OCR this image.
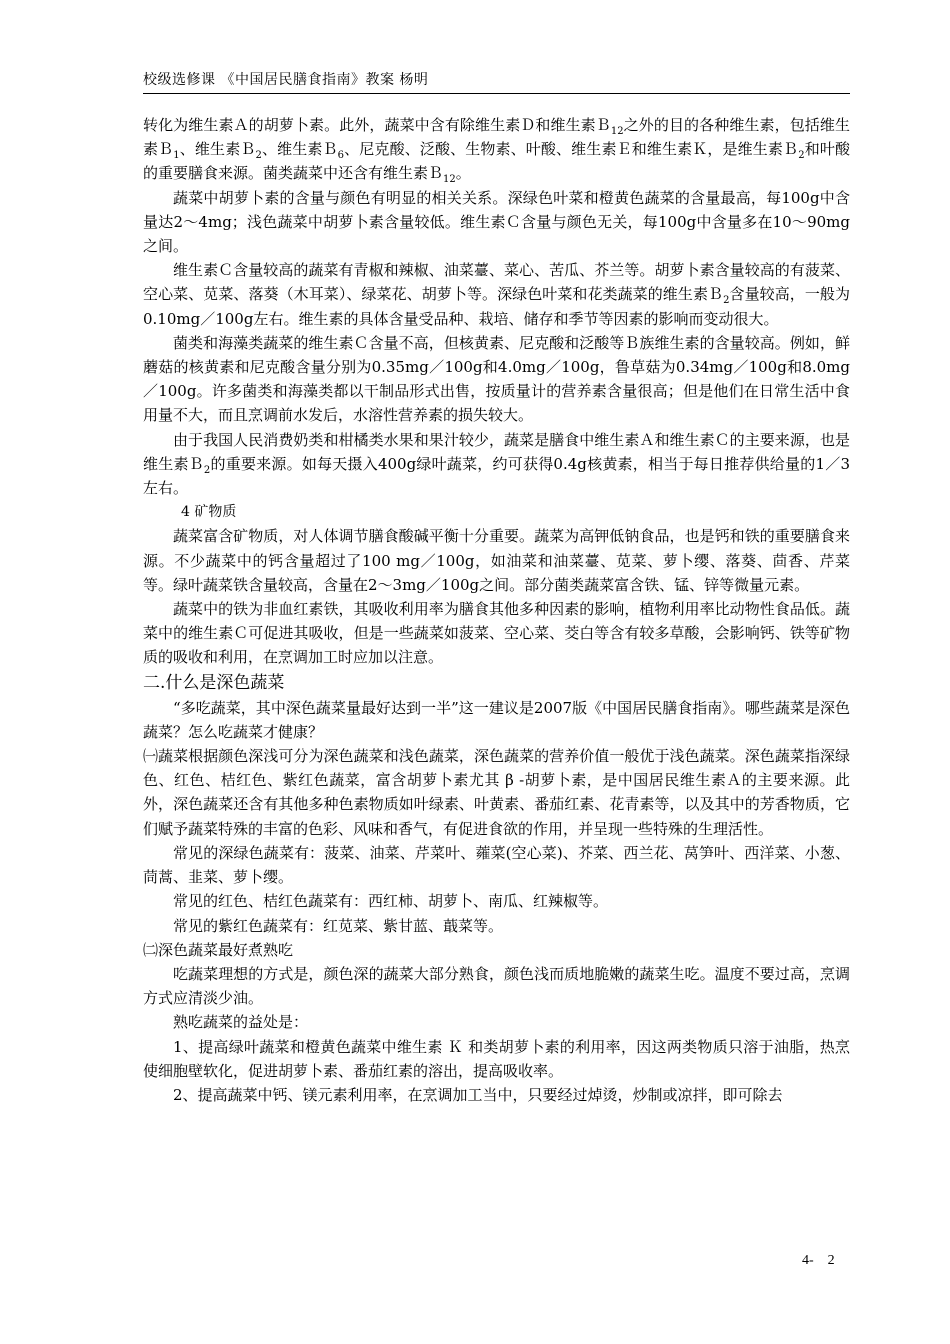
校级选修课 《中国居民膳食指南》教案 杨明

转化为维生素Ａ的胡萝卜素。此外，蔬菜中含有除维生素Ｄ和维生素Ｂ$_{12}$之外的目的各种维生素，包括维生素Ｂ$_1$、维生素Ｂ$_2$、维生素Ｂ$_6$、尼克酸、泛酸、生物素、叶酸、维生素Ｅ和维生素Ｋ，是维生素Ｂ$_2$和叶酸的重要膳食来源。菌类蔬菜中还含有维生素Ｂ$_{12}$。

蔬菜中胡萝卜素的含量与颜色有明显的相关关系。深绿色叶菜和橙黄色蔬菜的含量最高，每100g中含量达2～4mg；浅色蔬菜中胡萝卜素含量较低。维生素Ｃ含量与颜色无关，每100g中含量多在10～90mg之间。

维生素Ｃ含量较高的蔬菜有青椒和辣椒、油菜薹、菜心、苦瓜、芥兰等。胡萝卜素含量较高的有菠菜、空心菜、苋菜、落葵（木耳菜）、绿菜花、胡萝卜等。深绿色叶菜和花类蔬菜的维生素Ｂ$_2$含量较高，一般为0.10mg／100g左右。维生素的具体含量受品种、栽培、储存和季节等因素的影响而变动很大。

菌类和海藻类蔬菜的维生素Ｃ含量不高，但核黄素、尼克酸和泛酸等Ｂ族维生素的含量较高。例如，鲜蘑菇的核黄素和尼克酸含量分别为0.35mg／100g和4.0mg／100g，鲁草菇为0.34mg／100g和8.0mg／100g。许多菌类和海藻类都以干制品形式出售，按质量计的营养素含量很高；但是他们在日常生活中食用量不大，而且烹调前水发后，水溶性营养素的损失较大。

由于我国人民消费奶类和柑橘类水果和果汁较少，蔬菜是膳食中维生素Ａ和维生素Ｃ的主要来源，也是维生素Ｂ$_2$的重要来源。如每天摄入400g绿叶蔬菜，约可获得0.4g核黄素，相当于每日推荐供给量的1／3左右。

4 矿物质

蔬菜富含矿物质，对人体调节膳食酸碱平衡十分重要。蔬菜为高钾低钠食品，也是钙和铁的重要膳食来源。不少蔬菜中的钙含量超过了100 mg／100g，如油菜和油菜薹、苋菜、萝卜缨、落葵、茴香、芹菜等。绿叶蔬菜铁含量较高，含量在2～3mg／100g之间。部分菌类蔬菜富含铁、锰、锌等微量元素。

蔬菜中的铁为非血红素铁，其吸收利用率为膳食其他多种因素的影响，植物利用率比动物性食品低。蔬菜中的维生素Ｃ可促进其吸收，但是一些蔬菜如菠菜、空心菜、茭白等含有较多草酸，会影响钙、铁等矿物质的吸收和利用，在烹调加工时应加以注意。

二.什么是深色蔬菜

“多吃蔬菜，其中深色蔬菜量最好达到一半”这一建议是2007版《中国居民膳食指南》。哪些蔬菜是深色蔬菜？怎么吃蔬菜才健康？

㈠蔬菜根据颜色深浅可分为深色蔬菜和浅色蔬菜，深色蔬菜的营养价值一般优于浅色蔬菜。深色蔬菜指深绿色、红色、桔红色、紫红色蔬菜，富含胡萝卜素尤其 β -胡萝卜素，是中国居民维生素Ａ的主要来源。此外，深色蔬菜还含有其他多种色素物质如叶绿素、叶黄素、番茄红素、花青素等，以及其中的芳香物质，它们赋予蔬菜特殊的丰富的色彩、风味和香气，有促进食欲的作用，并呈现一些特殊的生理活性。

常见的深绿色蔬菜有：菠菜、油菜、芹菜叶、蕹菜(空心菜)、芥菜、西兰花、莴笋叶、西洋菜、小葱、茼蒿、韭菜、萝卜缨。

常见的红色、桔红色蔬菜有：西红柿、胡萝卜、南瓜、红辣椒等。

常见的紫红色蔬菜有：红苋菜、紫甘蓝、蕺菜等。

㈡深色蔬菜最好煮熟吃

吃蔬菜理想的方式是，颜色深的蔬菜大部分熟食，颜色浅而质地脆嫩的蔬菜生吃。温度不要过高，烹调方式应清淡少油。

熟吃蔬菜的益处是：

1、提高绿叶蔬菜和橙黄色蔬菜中维生素 Ｋ 和类胡萝卜素的利用率，因这两类物质只溶于油脂，热烹使细胞壁软化，促进胡萝卜素、番茄红素的溶出，提高吸收率。

2、提高蔬菜中钙、镁元素利用率，在烹调加工当中，只要经过焯烫，炒制或凉拌，即可除去

4- 2
